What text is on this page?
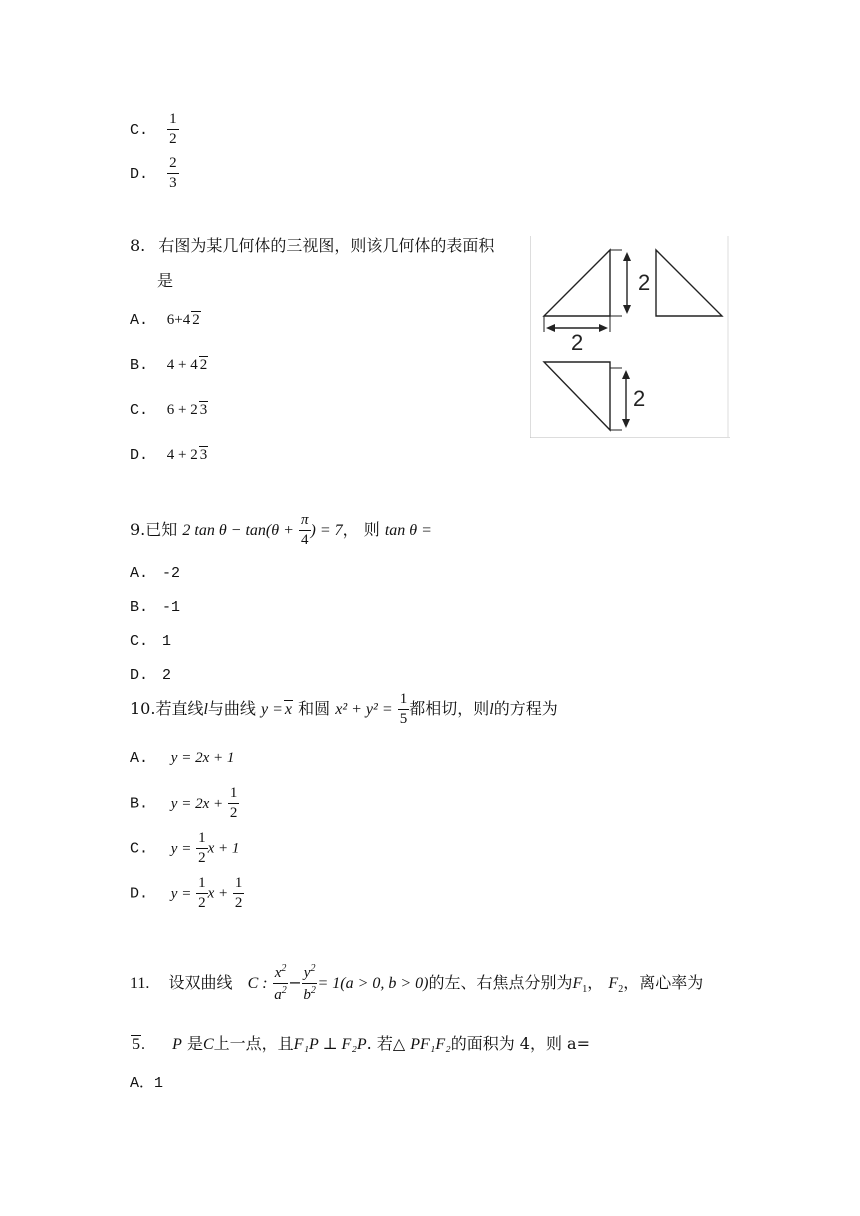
C. $\frac{1}{2}$
D. $\frac{2}{3}$
8. 右图为某几何体的三视图，则该几何体的表面积
是
A. 6+4 2
B. 4 + 4 2
C. 6 + 2 3
D. 4 + 2 3
2
2
2
9.已知 2 $\tan \theta - \tan(\theta + \frac{\pi}{4}$ ) = 7， 则 tan θ =
A. -2
B. -1
C. 1
D. 2
10.若直线l与曲线 y = x 和圆 $x^2 + y^2 = \frac{1}{5}$ 都相切，则l的方程为
A. y = 2x + 1
B. $y = 2x + \frac{1}{2}$
C. $y = \frac{1}{2}$ x + 1
D. $y = \frac{1}{2}$ $x + \frac{1}{2}$
11. 设双曲线 C : $\frac{x^2}{a^2} - \frac{y^2}{b^2} = 1(a > 0$, b > 0)的左、右焦点分别为$F_1$， $F_2$，离心率为
5. P 是C上一点，且F₁P ⊥ F₂P. 若△ PF₁F₂的面积为 4，则 a=
A．1
